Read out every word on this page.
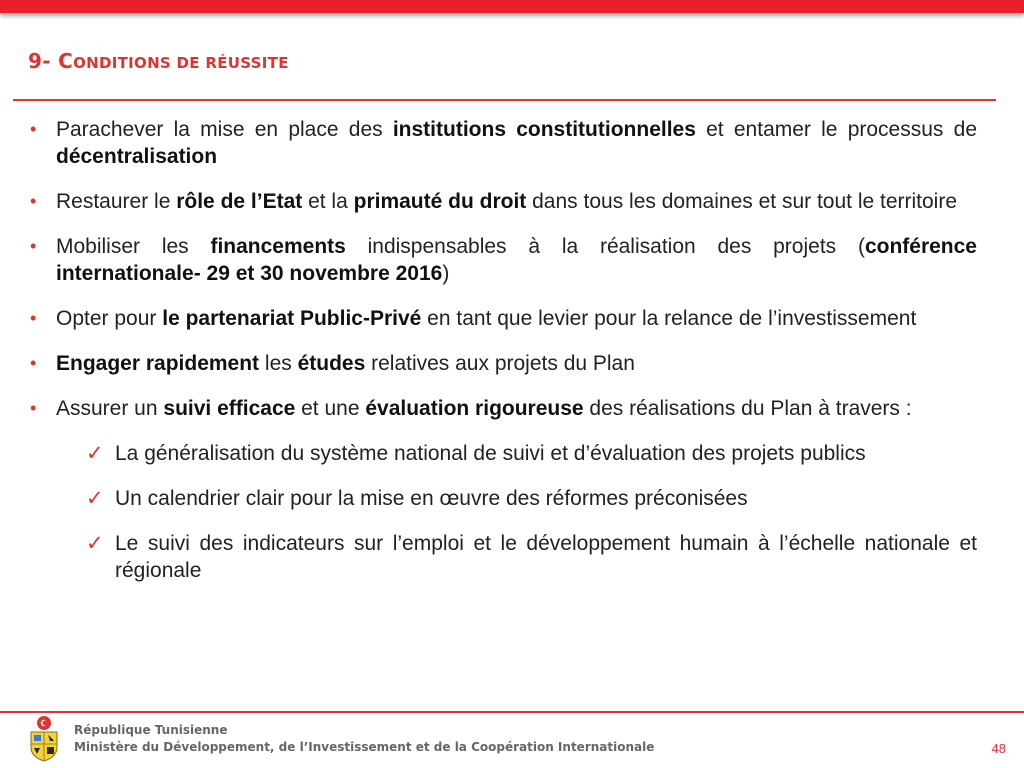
9- CONDITIONS DE RÉUSSITE
• Parachever la mise en place des institutions constitutionnelles et entamer le processus de décentralisation
• Restaurer le rôle de l’Etat et la primauté du droit dans tous les domaines et sur tout le territoire
• Mobiliser les financements indispensables à la réalisation des projets (conférence internationale- 29 et 30 novembre 2016)
• Opter pour le partenariat Public-Privé en tant que levier pour la relance de l’investissement
• Engager rapidement les études relatives aux projets du Plan
• Assurer un suivi efficace et une évaluation rigoureuse des réalisations du Plan à travers :
✓ La généralisation du système national de suivi et d’évaluation des projets publics
✓ Un calendrier clair pour la mise en œuvre des réformes préconisées
✓ Le suivi des indicateurs sur l’emploi et le développement humain à l’échelle nationale et régionale
République Tunisienne
Ministère du Développement, de l’Investissement et de la Coopération Internationale	48
